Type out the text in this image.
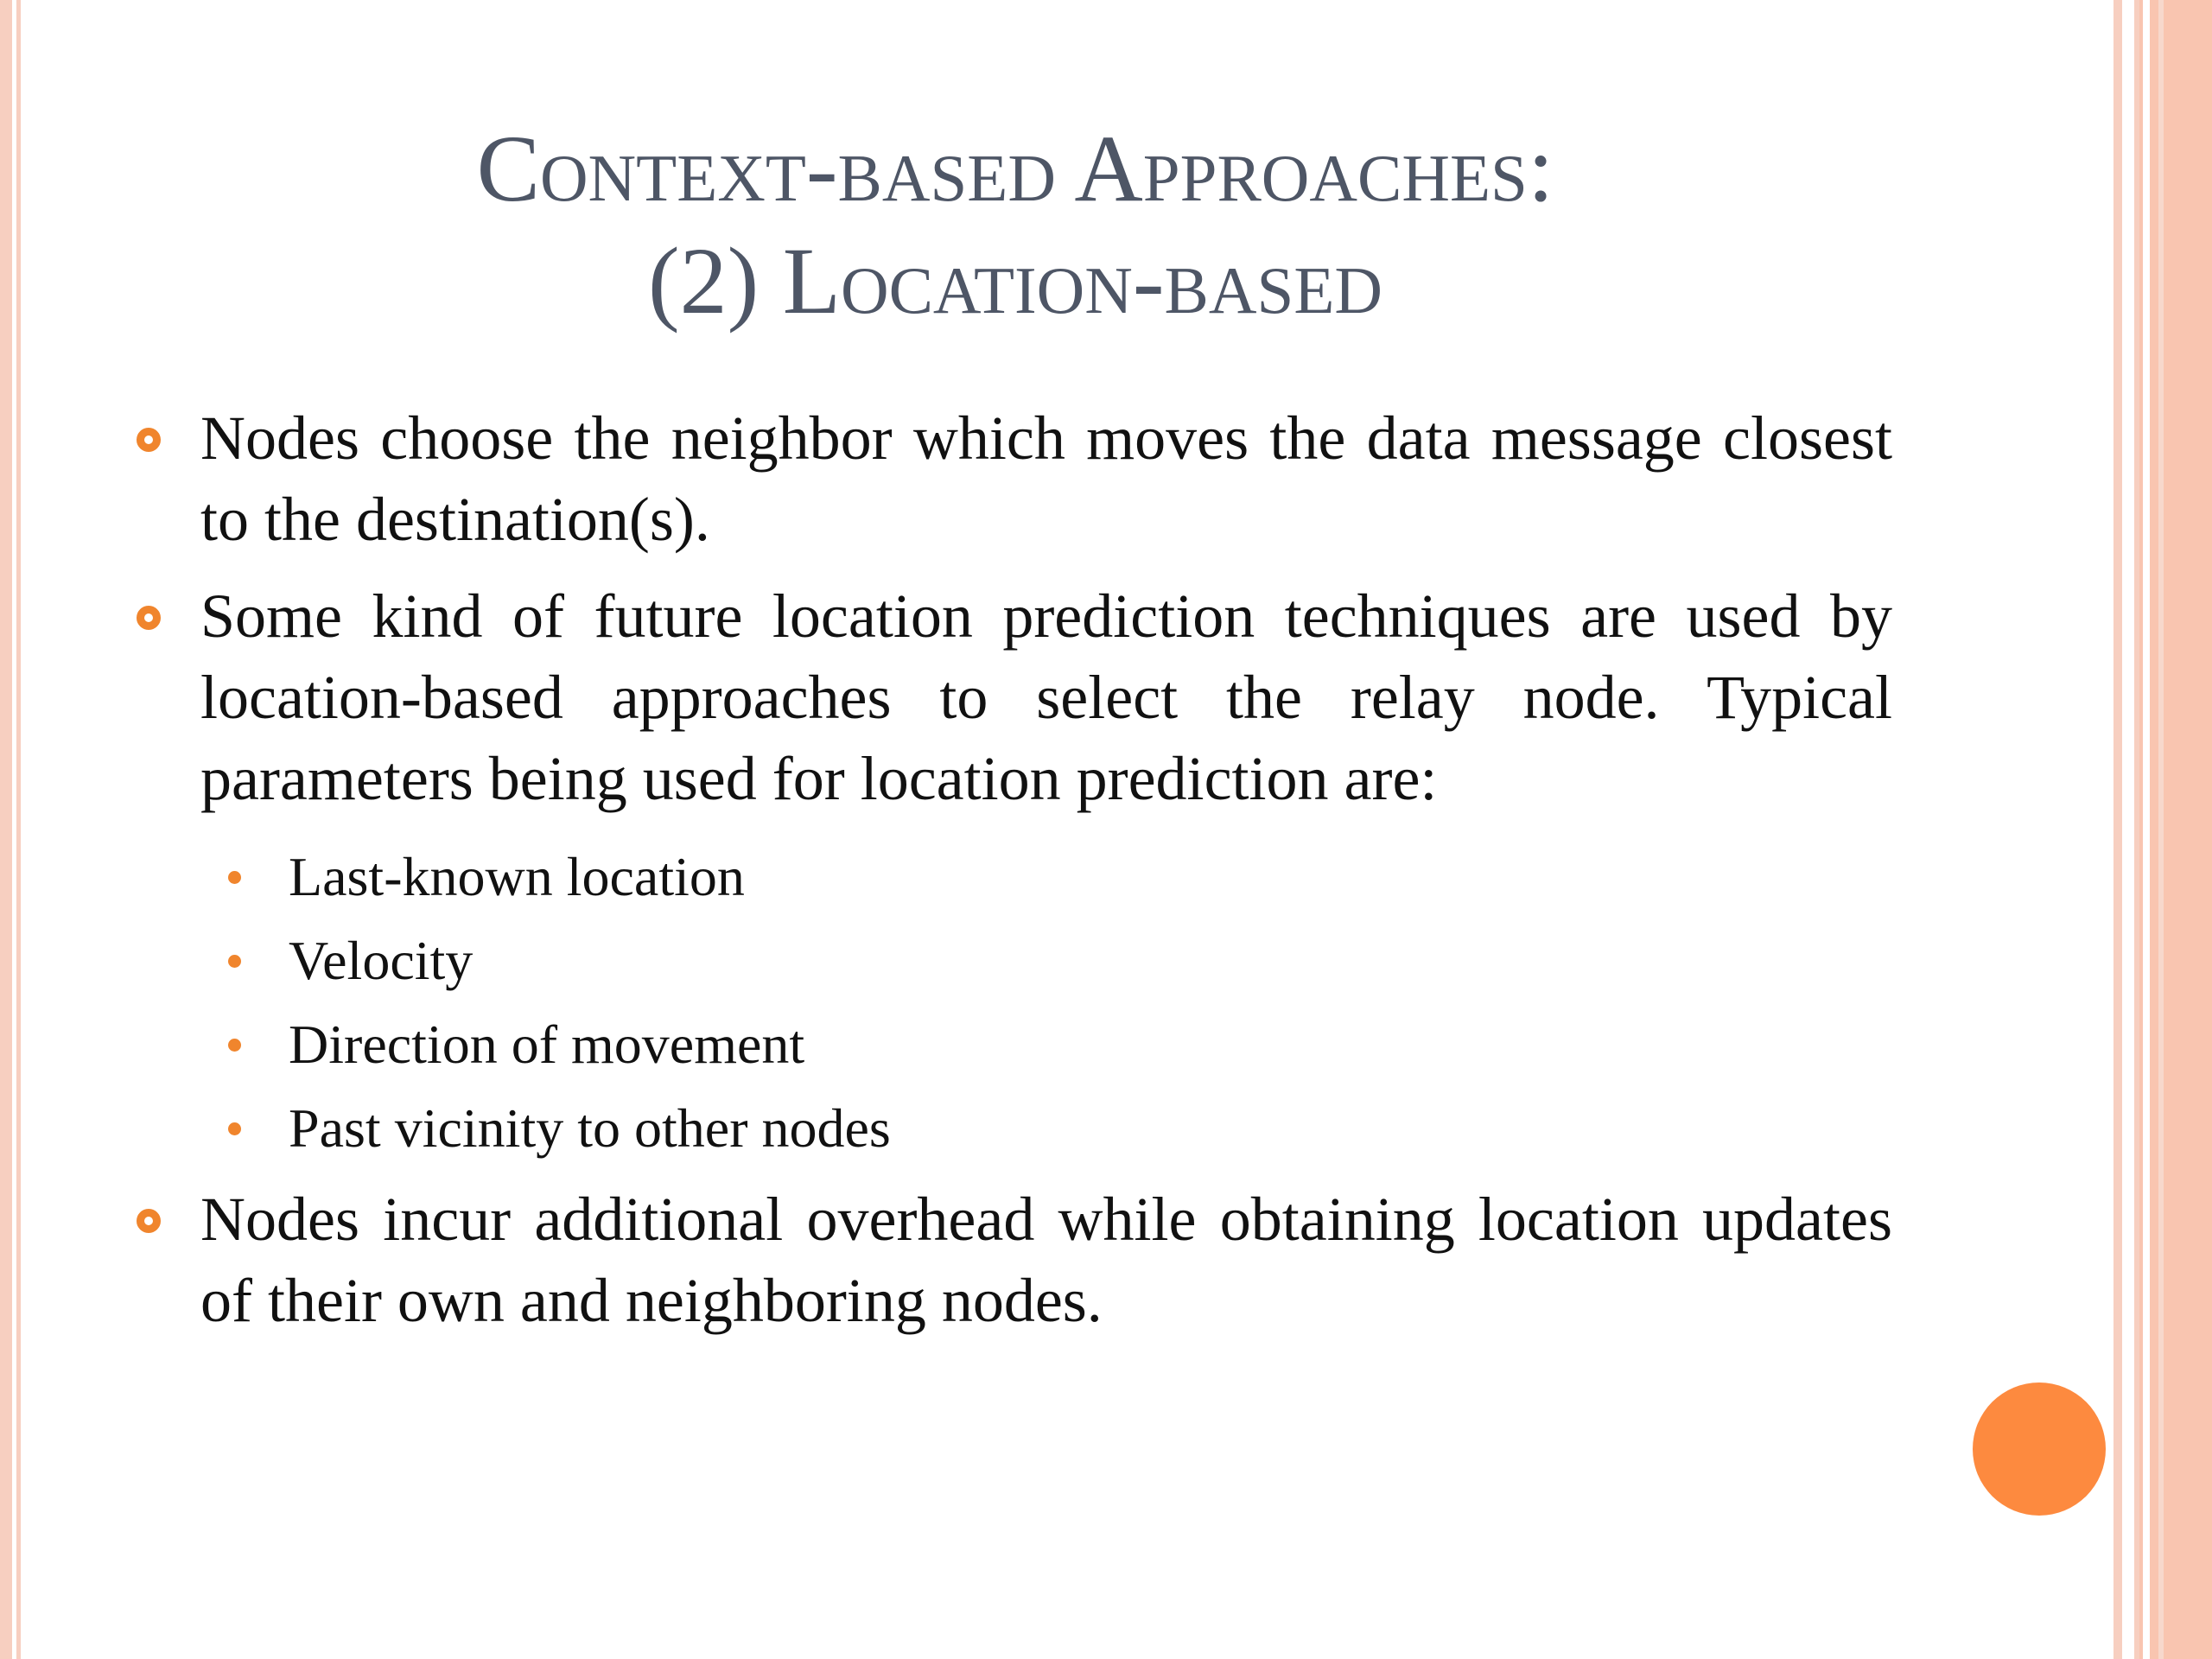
Context-based Approaches:
(2) Location-based
Nodes choose the neighbor which moves the data message closest to the destination(s).
Some kind of future location prediction techniques are used by location-based approaches to select the relay node. Typical parameters being used for location prediction are:
Last-known location
Velocity
Direction of movement
Past vicinity to other nodes
Nodes incur additional overhead while obtaining location updates of their own and neighboring nodes.
